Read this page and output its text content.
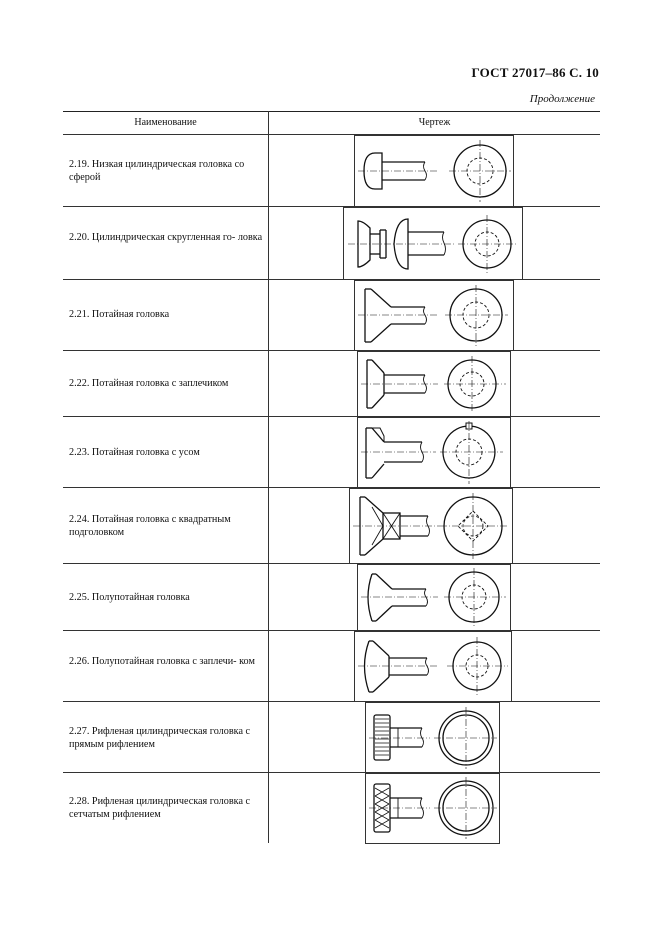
ГОСТ 27017–86 С. 10
Продолжение
Наименование	Чертеж
2.19. Низкая цилиндрическая головка со сферой
2.20. Цилиндрическая скругленная го- ловка
2.21. Потайная головка
2.22. Потайная головка с заплечиком
2.23. Потайная головка с усом
2.24. Потайная головка с квадратным подголовком
2.25. Полупотайная головка
2.26. Полупотайная головка с заплечи- ком
2.27. Рифленая цилиндрическая головка с прямым рифлением
2.28. Рифленая цилиндрическая головка с сетчатым рифлением
